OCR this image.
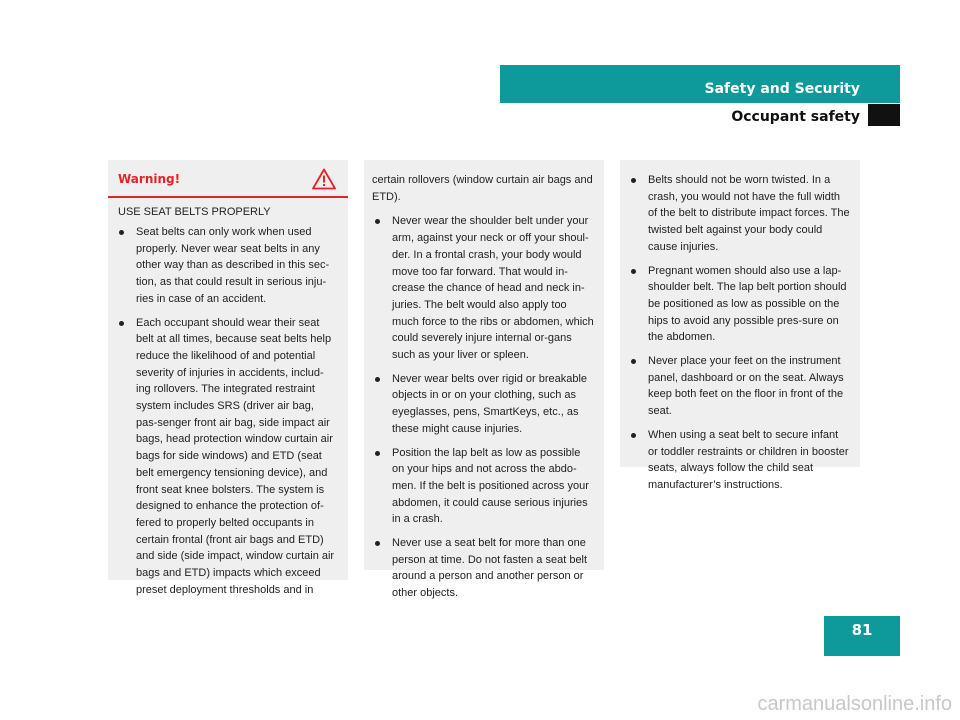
Safety and Security
Occupant safety
Warning!
USE SEAT BELTS PROPERLY
Seat belts can only work when used properly. Never wear seat belts in any other way than as described in this sec-tion, as that could result in serious inju-ries in case of an accident.
Each occupant should wear their seat belt at all times, because seat belts help reduce the likelihood of and potential severity of injuries in accidents, includ-ing rollovers. The integrated restraint system includes SRS (driver air bag, pas-senger front air bag, side impact air bags, head protection window curtain air bags for side windows) and ETD (seat belt emergency tensioning device), and front seat knee bolsters. The system is designed to enhance the protection of-fered to properly belted occupants in certain frontal (front air bags and ETD) and side (side impact, window curtain air bags and ETD) impacts which exceed preset deployment thresholds and in
certain rollovers (window curtain air bags and ETD).
Never wear the shoulder belt under your arm, against your neck or off your shoul-der. In a frontal crash, your body would move too far forward. That would in-crease the chance of head and neck in-juries. The belt would also apply too much force to the ribs or abdomen, which could severely injure internal or-gans such as your liver or spleen.
Never wear belts over rigid or breakable objects in or on your clothing, such as eyeglasses, pens, SmartKeys, etc., as these might cause injuries.
Position the lap belt as low as possible on your hips and not across the abdo-men. If the belt is positioned across your abdomen, it could cause serious injuries in a crash.
Never use a seat belt for more than one person at time. Do not fasten a seat belt around a person and another person or other objects.
Belts should not be worn twisted. In a crash, you would not have the full width of the belt to distribute impact forces. The twisted belt against your body could cause injuries.
Pregnant women should also use a lap-shoulder belt. The lap belt portion should be positioned as low as possible on the hips to avoid any possible pres-sure on the abdomen.
Never place your feet on the instrument panel, dashboard or on the seat. Always keep both feet on the floor in front of the seat.
When using a seat belt to secure infant or toddler restraints or children in booster seats, always follow the child seat manufacturer’s instructions.
81
carmanualsonline.info
